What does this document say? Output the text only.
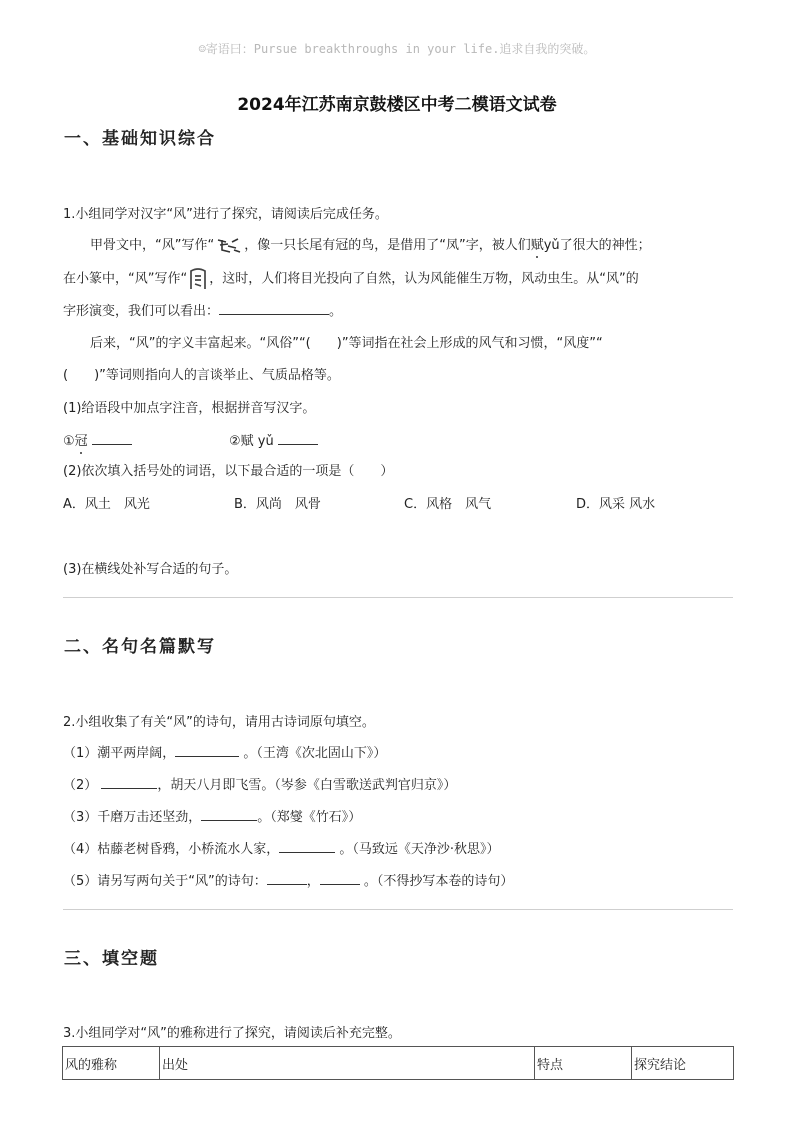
☺寄语曰：Pursue breakthroughs in your life.追求自我的突破。
2024年江苏南京鼓楼区中考二模语文试卷
一、基础知识综合
1.小组同学对汉字“风”进行了探究，请阅读后完成任务。
甲骨文中，“风”写作“ ，像一只长尾有冠的鸟，是借用了“凤”字，被人们赋yǔ了很大的神性；
在小篆中，“风”写作“ ，这时，人们将目光投向了自然，认为风能催生万物，风动虫生。从“风”的
字形演变，我们可以看出：	。
后来，“风”的字义丰富起来。“风俗”“(　　)”等词指在社会上形成的风气和习惯，“风度”“
(　　)”等词则指向人的言谈举止、气质品格等。
(1)给语段中加点字注音，根据拼音写汉字。
①冠	②赋 yǔ
(2)依次填入括号处的词语，以下最合适的一项是（　　）
A．风土　风光	B．风尚　风骨	C．风格　风气	D．风采 风水
(3)在横线处补写合适的句子。
二、名句名篇默写
2.小组收集了有关“风”的诗句，请用古诗词原句填空。
（1）潮平两岸阔，	。（王湾《次北固山下》）
（2）	，胡天八月即飞雪。（岑参《白雪歌送武判官归京》）
（3）千磨万击还坚劲，	。（郑燮《竹石》）
（4）枯藤老树昏鸦，小桥流水人家，	。（马致远《天净沙·秋思》）
（5）请另写两句关于“风”的诗句：	，	。（不得抄写本卷的诗句）
三、填空题
3.小组同学对“风”的雅称进行了探究，请阅读后补充完整。
风的雅称	出处	特点	探究结论
